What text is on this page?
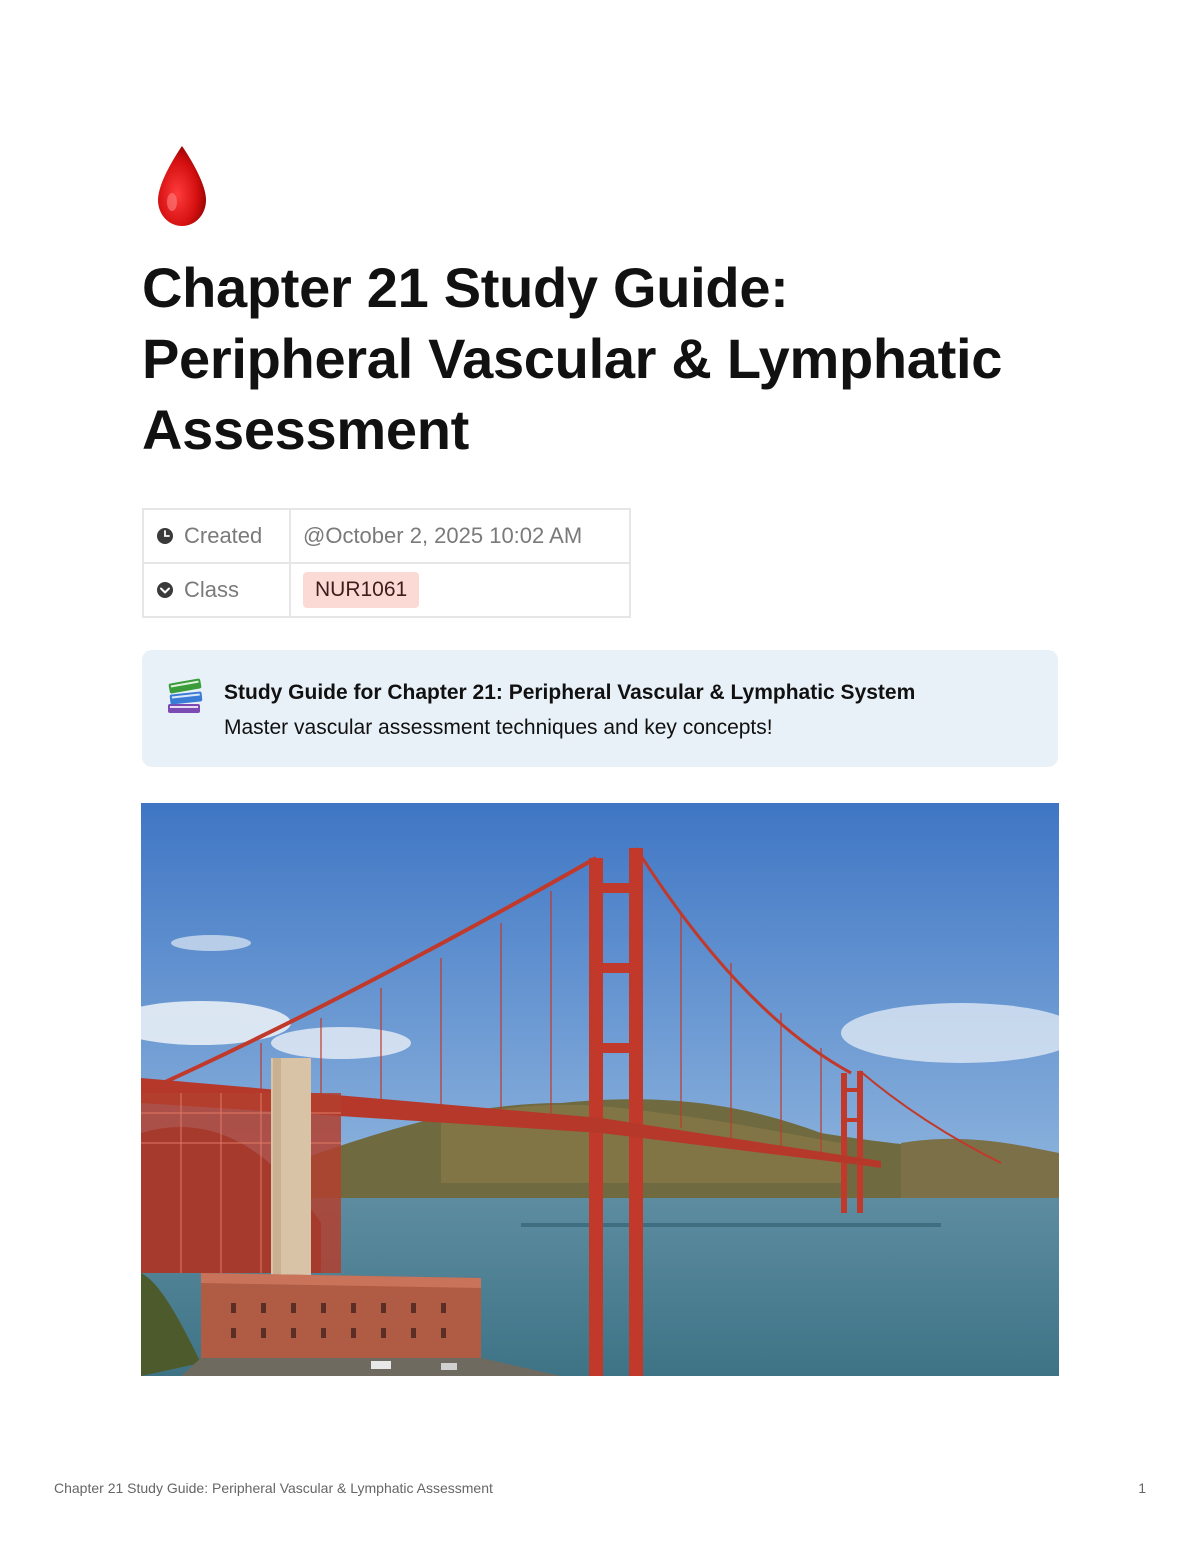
Chapter 21 Study Guide:
Peripheral Vascular & Lymphatic
Assessment
Created	@October 2, 2025 10:02 AM
Class	NUR1061
Study Guide for Chapter 21: Peripheral Vascular & Lymphatic System
Master vascular assessment techniques and key concepts!
Chapter 21 Study Guide: Peripheral Vascular & Lymphatic Assessment	1
